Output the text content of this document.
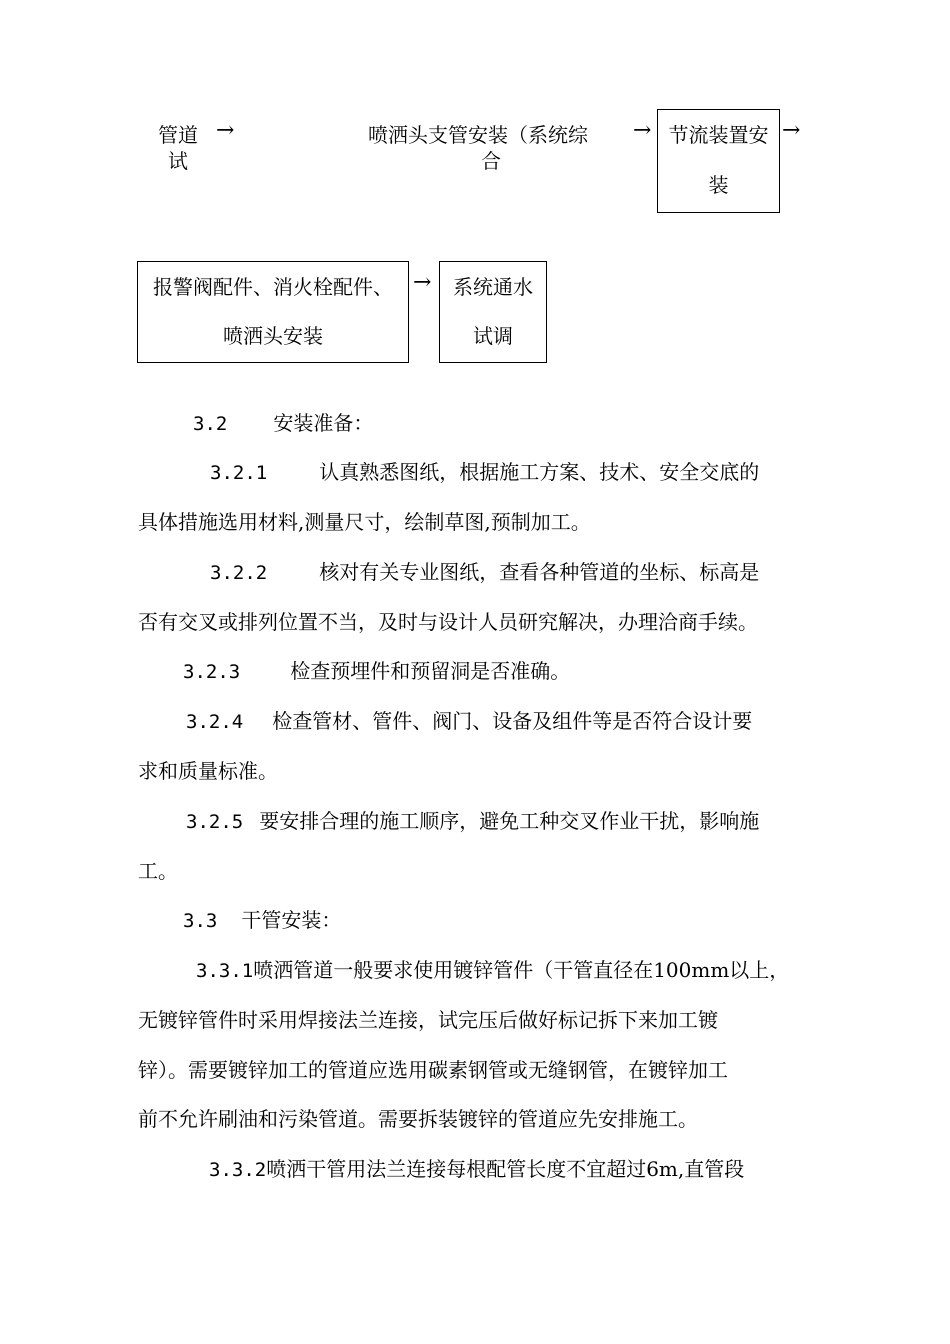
管道
试
→	喷洒头支管安装（系统综
合
→ 节流装置安
装
→
报警阀配件、消火栓配件、
喷洒头安装
→	系统通水
试调
3.2 安装准备：
3.2.1	认真熟悉图纸，根据施工方案、技术、安全交底的
具体措施选用材料,测量尺寸，绘制草图,预制加工。
3.2.2	核对有关专业图纸，查看各种管道的坐标、标高是
否有交叉或排列位置不当，及时与设计人员研究解决，办理洽商手续。
3.2.3	检查预埋件和预留洞是否准确。
3.2.4 检查管材、管件、阀门、设备及组件等是否符合设计要
求和质量标准。
3.2.5 要安排合理的施工顺序，避免工种交叉作业干扰，影响施
工。
3.3 干管安装：
3.3.1喷洒管道一般要求使用镀锌管件（干管直径在100mm以上，
无镀锌管件时采用焊接法兰连接，试完压后做好标记拆下来加工镀
锌）。需要镀锌加工的管道应选用碳素钢管或无缝钢管，在镀锌加工
前不允许刷油和污染管道。需要拆装镀锌的管道应先安排施工。
3.3.2喷洒干管用法兰连接每根配管长度不宜超过6m,直管段
